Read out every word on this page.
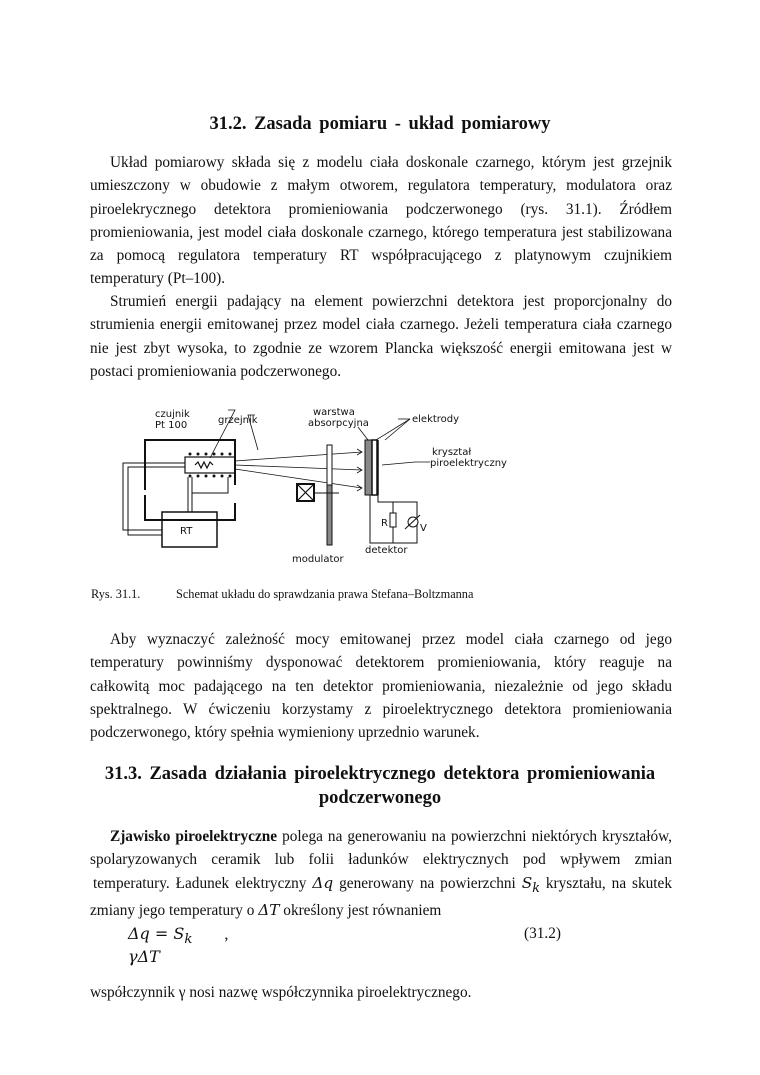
31.2. Zasada pomiaru - układ pomiarowy
Układ pomiarowy składa się z modelu ciała doskonale czarnego, którym jest grzejnik
umieszczony w obudowie z małym otworem, regulatora temperatury, modulatora oraz
piroelekrycznego detektora promieniowania podczerwonego (rys. 31.1). Źródłem
promieniowania, jest model ciała doskonale czarnego, którego temperatura jest stabilizowana
za pomocą regulatora temperatury RT współpracującego z platynowym czujnikiem
temperatury (Pt–100).
Strumień energii padający na element powierzchni detektora jest proporcjonalny do
strumienia energii emitowanej przez model ciała czarnego. Jeżeli temperatura ciała czarnego
nie jest zbyt wysoka, to zgodnie ze wzorem Plancka większość energii emitowana jest w
postaci promieniowania podczerwonego.
RT
czujnik
Pt 100	grzejnik
warstwa
absorpcyjna	elektrody
kryształ
piroelektryczny
R	V
detektor
modulator
Rys. 31.1.	Schemat układu do sprawdzania prawa Stefana–Boltzmanna
Aby wyznaczyć zależność mocy emitowanej przez model ciała czarnego od jego
temperatury powinniśmy dysponować detektorem promieniowania, który reaguje na
całkowitą moc padającego na ten detektor promieniowania, niezależnie od jego składu
spektralnego. W ćwiczeniu korzystamy z piroelektrycznego detektora promieniowania
podczerwonego, który spełnia wymieniony uprzednio warunek.
31.3. Zasada działania piroelektrycznego detektora promieniowania
podczerwonego
Zjawisko piroelektryczne polega na generowaniu na powierzchni niektórych kryształów,
spolaryzowanych ceramik lub folii ładunków elektrycznych pod wpływem zmian
temperatury. Ładunek elektryczny Δq generowany na powierzchni $S_k$ kryształu, na skutek
zmiany jego temperatury o ΔT określony jest równaniem
$\Delta q = S_k$ ,
γΔT
(31.2)
współczynnik γ nosi nazwę współczynnika piroelektrycznego.
